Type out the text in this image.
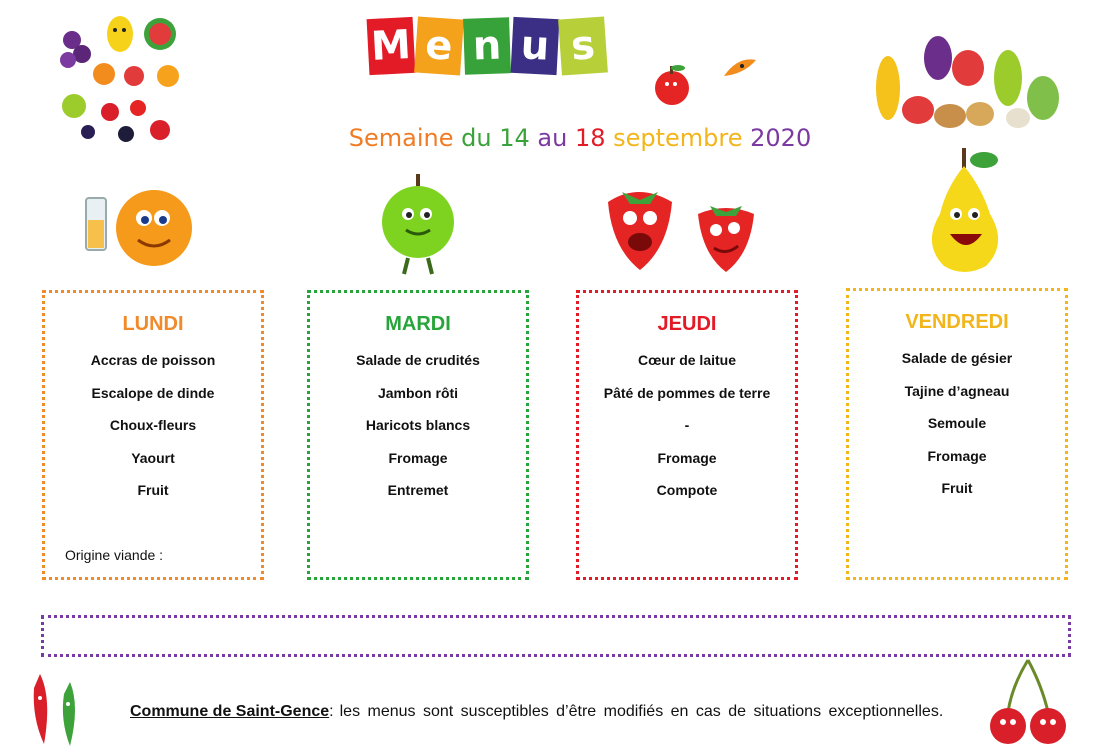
M e n u s
Semaine du 14 au 18 septembre 2020
LUNDI
Accras de poisson
Escalope de dinde
Choux-fleurs
Yaourt
Fruit
Origine viande :
MARDI
Salade de crudités
Jambon rôti
Haricots blancs
Fromage
Entremet
JEUDI
Cœur de laitue
Pâté de pommes de terre
-
Fromage
Compote
VENDREDI
Salade de gésier
Tajine d’agneau
Semoule
Fromage
Fruit
Commune de Saint-Gence : les menus sont susceptibles d’être modifiés en cas de situations exceptionnelles.
